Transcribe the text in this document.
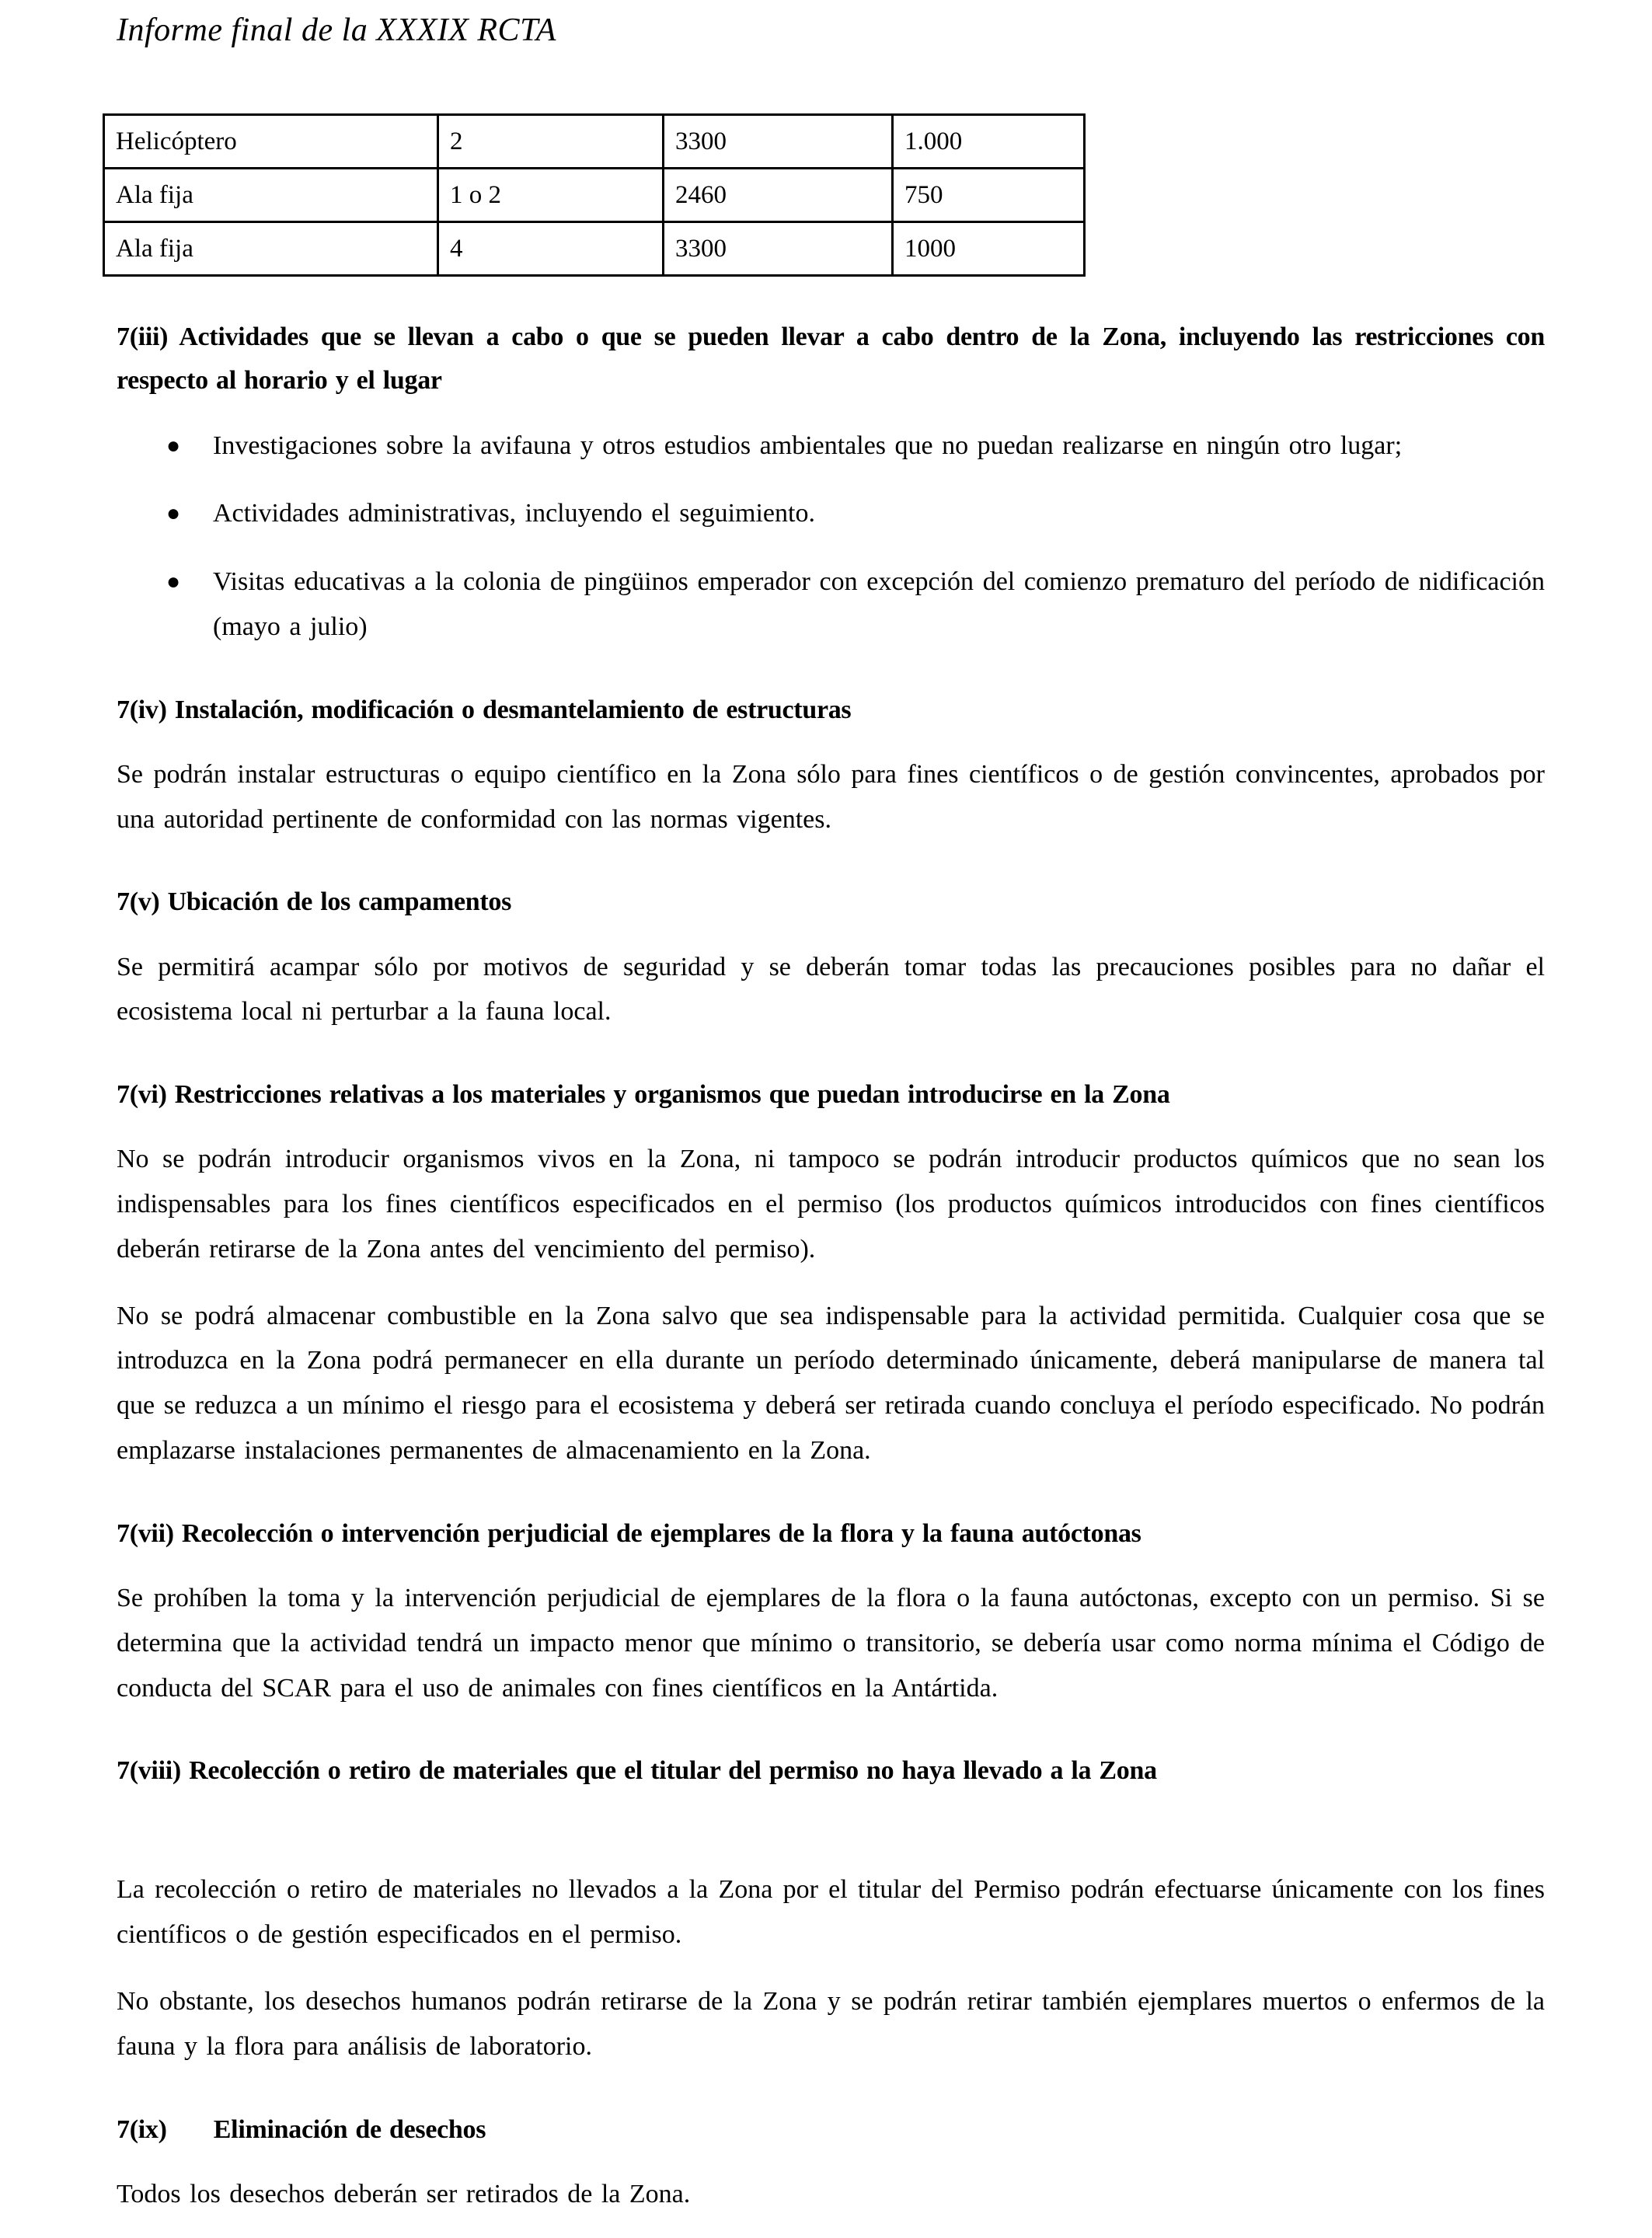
Informe final de la XXXIX RCTA
Helicóptero	2	3300	1.000
Ala fija	1 o 2	2460	750
Ala fija	4	3300	1000
7(iii) Actividades que se llevan a cabo o que se pueden llevar a cabo dentro de la Zona, incluyendo las restricciones con respecto al horario y el lugar
●	Investigaciones sobre la avifauna y otros estudios ambientales que no puedan realizarse en ningún otro lugar;
●	Actividades administrativas, incluyendo el seguimiento.
●	Visitas educativas a la colonia de pingüinos emperador con excepción del comienzo prematuro del período de nidificación (mayo a julio)
7(iv) Instalación, modificación o desmantelamiento de estructuras

Se podrán instalar estructuras o equipo científico en la Zona sólo para fines científicos o de gestión convincentes, aprobados por una autoridad pertinente de conformidad con las normas vigentes.

7(v) Ubicación de los campamentos

Se permitirá acampar sólo por motivos de seguridad y se deberán tomar todas las precauciones posibles para no dañar el ecosistema local ni perturbar a la fauna local.

7(vi) Restricciones relativas a los materiales y organismos que puedan introducirse en la Zona

No se podrán introducir organismos vivos en la Zona, ni tampoco se podrán introducir productos químicos que no sean los indispensables para los fines científicos especificados en el permiso (los productos químicos introducidos con fines científicos deberán retirarse de la Zona antes del vencimiento del permiso).

No se podrá almacenar combustible en la Zona salvo que sea indispensable para la actividad permitida. Cualquier cosa que se introduzca en la Zona podrá permanecer en ella durante un período determinado únicamente, deberá manipularse de manera tal que se reduzca a un mínimo el riesgo para el ecosistema y deberá ser retirada cuando concluya el período especificado. No podrán emplazarse instalaciones permanentes de almacenamiento en la Zona.

7(vii) Recolección o intervención perjudicial de ejemplares de la flora y la fauna autóctonas

Se prohíben la toma y la intervención perjudicial de ejemplares de la flora o la fauna autóctonas, excepto con un permiso. Si se determina que la actividad tendrá un impacto menor que mínimo o transitorio, se debería usar como norma mínima el Código de conducta del SCAR para el uso de animales con fines científicos en la Antártida.

7(viii) Recolección o retiro de materiales que el titular del permiso no haya llevado a la Zona

La recolección o retiro de materiales no llevados a la Zona por el titular del Permiso podrán efectuarse únicamente con los fines científicos o de gestión especificados en el permiso.

No obstante, los desechos humanos podrán retirarse de la Zona y se podrán retirar también ejemplares muertos o enfermos de la fauna y la flora para análisis de laboratorio.

7(ix) Eliminación de desechos

Todos los desechos deberán ser retirados de la Zona.
